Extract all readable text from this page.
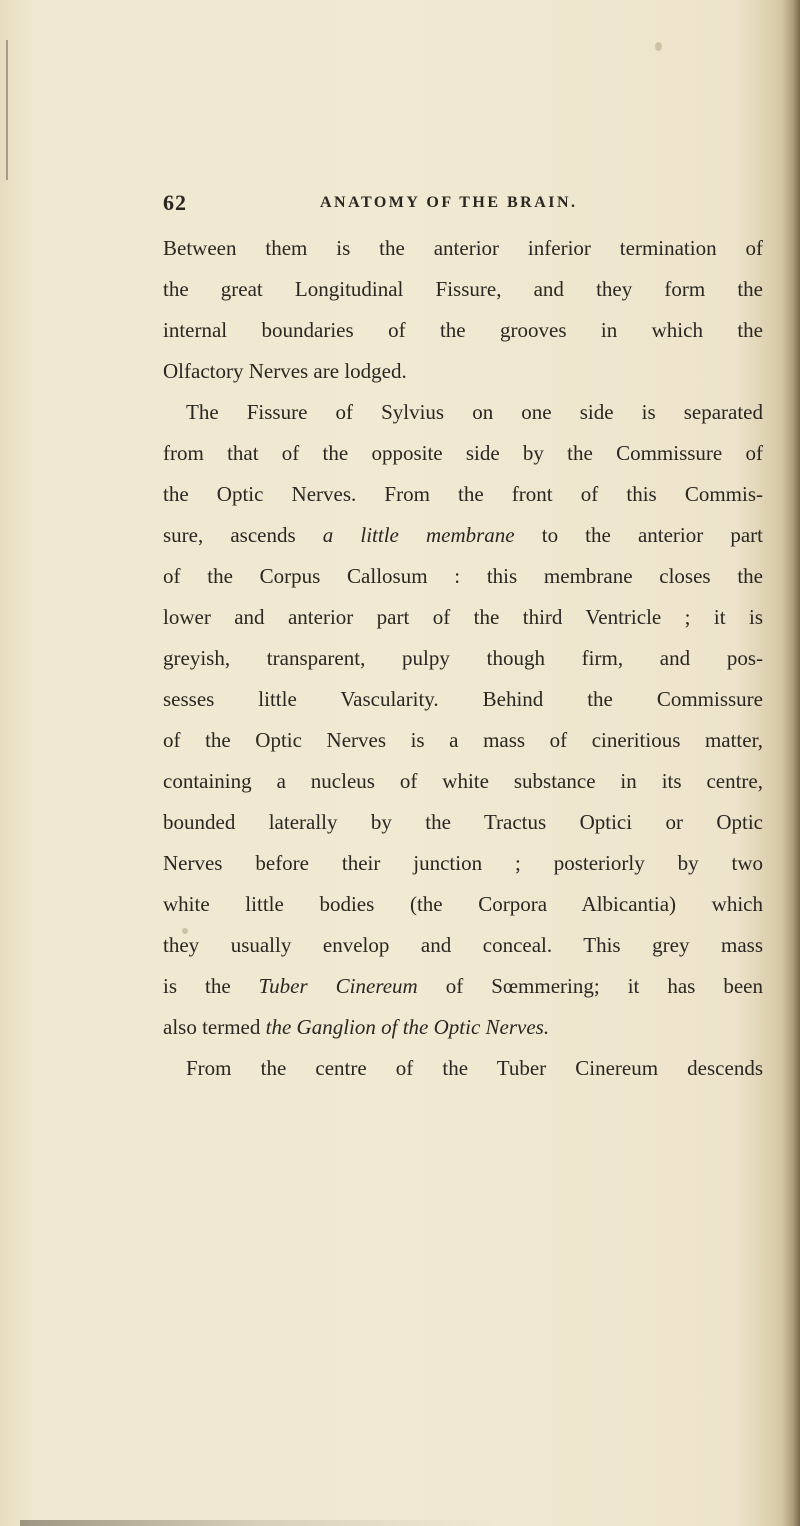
62	ANATOMY OF THE BRAIN.
Between them is the anterior inferior termination of
the great Longitudinal Fissure, and they form the
internal boundaries of the grooves in which the
Olfactory Nerves are lodged.
The Fissure of Sylvius on one side is separated
from that of the opposite side by the Commissure of
the Optic Nerves. From the front of this Commis-
sure, ascends a little membrane to the anterior part
of the Corpus Callosum : this membrane closes the
lower and anterior part of the third Ventricle ; it is
greyish, transparent, pulpy though firm, and pos-
sesses little Vascularity. Behind the Commissure
of the Optic Nerves is a mass of cineritious matter,
containing a nucleus of white substance in its centre,
bounded laterally by the Tractus Optici or Optic
Nerves before their junction ; posteriorly by two
white little bodies (the Corpora Albicantia) which
they usually envelop and conceal. This grey mass
is the Tuber Cinereum of Sœmmering; it has been
also termed the Ganglion of the Optic Nerves.
From the centre of the Tuber Cinereum descends
